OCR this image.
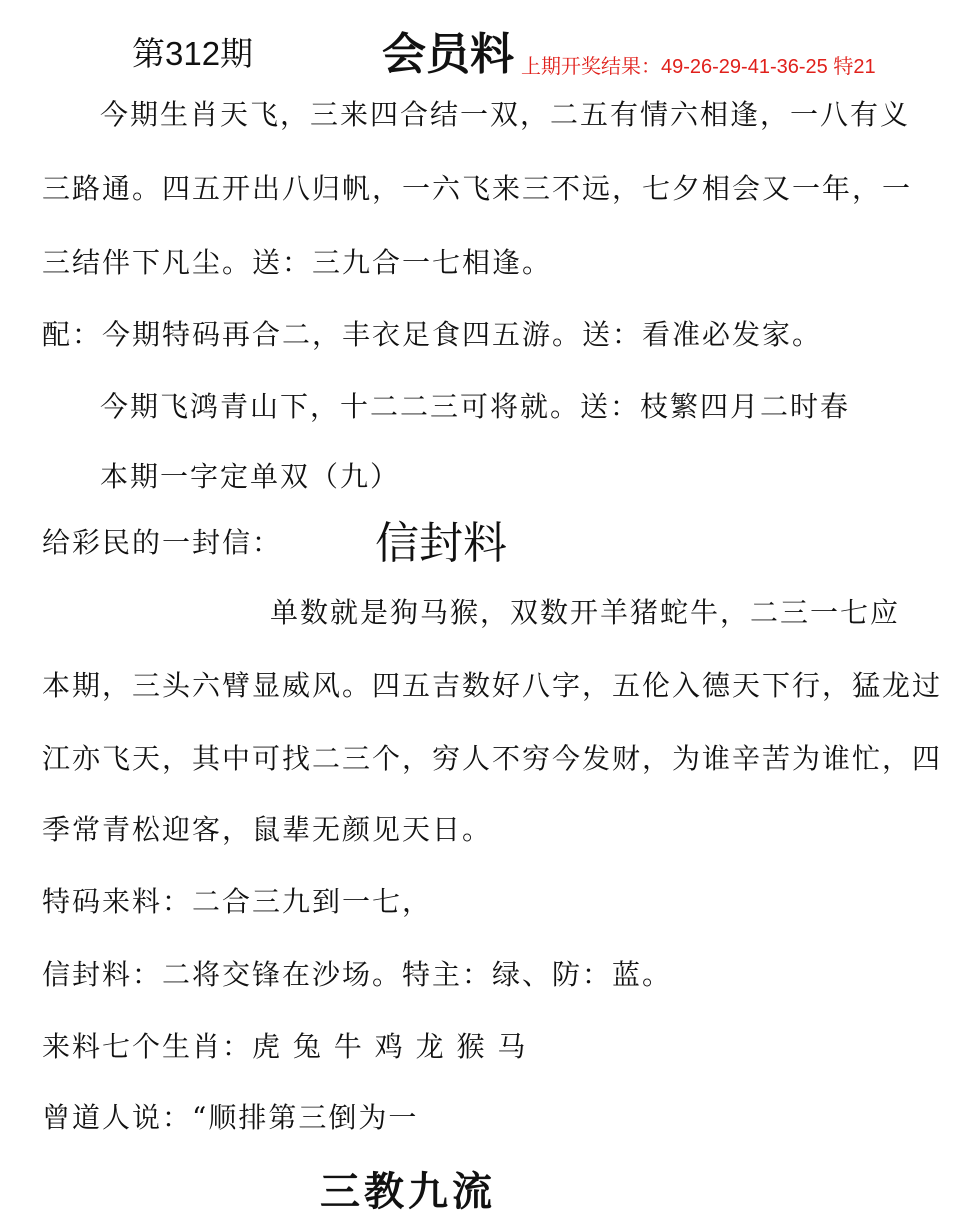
第312期	会员料 上期开奖结果：49-26-29-41-36-25 特21
今期生肖天飞，三来四合结一双，二五有情六相逢，一八有义
三路通。四五开出八归帆，一六飞来三不远，七夕相会又一年，一
三结伴下凡尘。送：三九合一七相逢。
配：今期特码再合二，丰衣足食四五游。送：看准必发家。
今期飞鸿青山下，十二二三可将就。送：枝繁四月二时春
本期一字定单双（九）
给彩民的一封信： 信封料
单数就是狗马猴，双数开羊猪蛇牛，二三一七应
本期，三头六臂显威风。四五吉数好八字，五伦入德天下行，猛龙过
江亦飞天，其中可找二三个，穷人不穷今发财，为谁辛苦为谁忙，四
季常青松迎客，鼠辈无颜见天日。
特码来料：二合三九到一七，
信封料：二将交锋在沙场。特主：绿、防：蓝。
来料七个生肖：虎 兔 牛 鸡 龙 猴 马
曾道人说：“顺排第三倒为一
三教九流
